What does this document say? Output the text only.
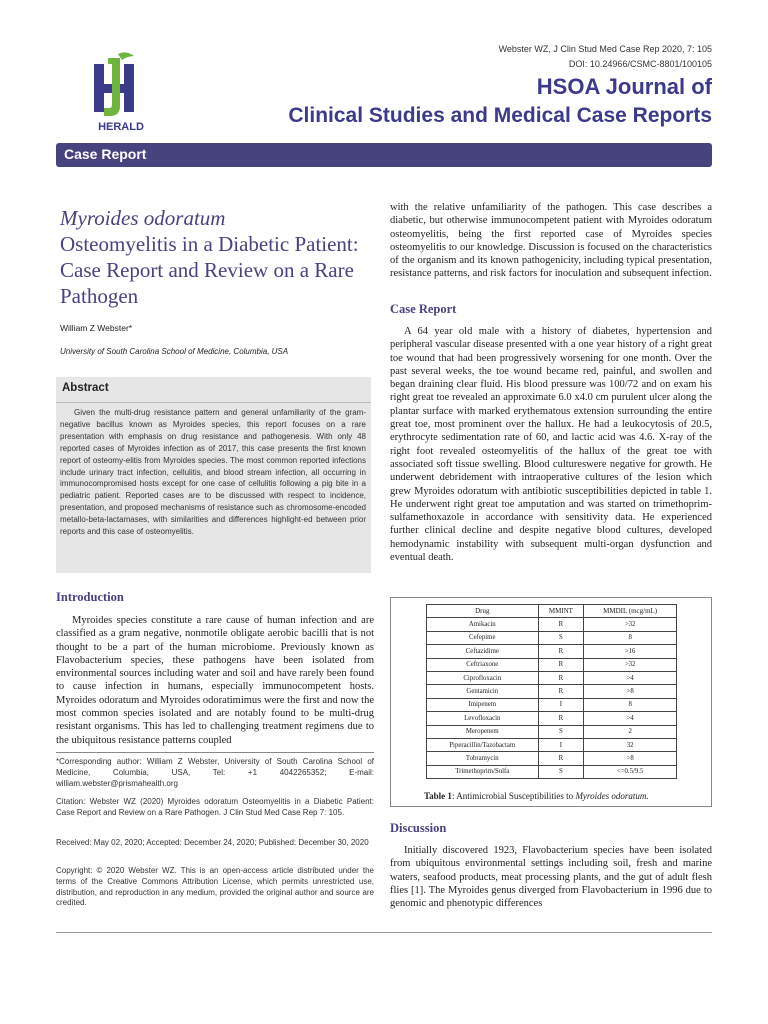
HERALD
Webster WZ, J Clin Stud Med Case Rep 2020, 7: 105
DOI: 10.24966/CSMC-8801/100105
HSOA Journal of
Clinical Studies and Medical Case Reports
Case Report
Myroides odoratum
Osteomyelitis in a Diabetic Patient: Case Report and Review on a Rare Pathogen
William Z Webster*
University of South Carolina School of Medicine, Columbia, USA
Abstract
Given the multi-drug resistance pattern and general unfamiliarity of the gram-negative bacillus known as Myroides species, this report focuses on a rare presentation with emphasis on drug resistance and pathogenesis. With only 48 reported cases of Myroides infection as of 2017, this case presents the first known report of osteomy-elitis from Myroides species. The most common reported infections include urinary tract infection, cellulitis, and blood stream infection, all occurring in immunocompromised hosts except for one case of cellulitis following a pig bite in a pediatric patient. Reported cases are to be discussed with respect to incidence, presentation, and proposed mechanisms of resistance such as chromosome-encoded metallo-beta-lactamases, with similarities and differences highlight-ed between prior reports and this case of osteomyelitis.
Introduction
Myroides species constitute a rare cause of human infection and are classified as a gram negative, nonmotile obligate aerobic bacilli that is not thought to be a part of the human microbiome. Previously known as Flavobacterium species, these pathogens have been isolated from environmental sources including water and soil and have rarely been found to cause infection in humans, especially immunocompetent hosts. Myroides odoratum and Myroides odoratimimus were the first and now the most common species isolated and are notably found to be multi-drug resistant organisms. This has led to challenging treatment regimens due to the ubiquitous resistance patterns coupled
*Corresponding author: William Z Webster, University of South Carolina School of Medicine, Columbia, USA, Tel: +1 4042265352; E-mail: william.webster@prismahealth.org
Citation: Webster WZ (2020) Myroides odoratum Osteomyelitis in a Diabetic Patient: Case Report and Review on a Rare Pathogen. J Clin Stud Med Case Rep 7: 105.
Received: May 02, 2020; Accepted: December 24, 2020; Published: December 30, 2020
Copyright: © 2020 Webster WZ. This is an open-access article distributed under the terms of the Creative Commons Attribution License, which permits unrestricted use, distribution, and reproduction in any medium, provided the original author and source are credited.
with the relative unfamiliarity of the pathogen. This case describes a diabetic, but otherwise immunocompetent patient with Myroides odoratum osteomyelitis, being the first reported case of Myroides species osteomyelitis to our knowledge. Discussion is focused on the characteristics of the organism and its known pathogenicity, including typical presentation, resistance patterns, and risk factors for inoculation and subsequent infection.
Case Report
A 64 year old male with a history of diabetes, hypertension and peripheral vascular disease presented with a one year history of a right great toe wound that had been progressively worsening for one month. Over the past several weeks, the toe wound became red, painful, and swollen and began draining clear fluid. His blood pressure was 100/72 and on exam his right great toe revealed an approximate 6.0 x4.0 cm purulent ulcer along the plantar surface with marked erythematous extension surrounding the entire great toe, most prominent over the hallux. He had a leukocytosis of 20.5, erythrocyte sedimentation rate of 60, and lactic acid was 4.6. X-ray of the right foot revealed osteomyelitis of the hallux of the great toe with associated soft tissue swelling. Blood cultureswere negative for growth. He underwent debridement with intraoperative cultures of the lesion which grew Myroides odoratum with antibiotic susceptibilities depicted in table 1. He underwent right great toe amputation and was started on trimethoprim-sulfamethoxazole in accordance with sensitivity data. He experienced further clinical decline and despite negative blood cultures, developed hemodynamic instability with subsequent multi-organ dysfunction and eventual death.
Drug	MMINT	MMDIL (mcg/mL)
Amikacin	R	>32
Cefepime	S	8
Ceftazidime	R	>16
Ceftriaxone	R	>32
Ciprofloxacin	R	>4
Gentamicin	R	>8
Imipenem	I	8
Levofloxacin	R	>4
Meropenem	S	2
Piperacillin/Tazobactam	I	32
Tobramycin	R	>8
Trimethoprim/Sulfa	S	<=0.5/9.5
Table 1: Antimicrobial Susceptibilities to Myroides odoratum.
Discussion
Initially discovered 1923, Flavobacterium species have been isolated from ubiquitous environmental settings including soil, fresh and marine waters, seafood products, meat processing plants, and the gut of adult flesh flies [1]. The Myroides genus diverged from Flavobacterium in 1996 due to genomic and phenotypic differences
